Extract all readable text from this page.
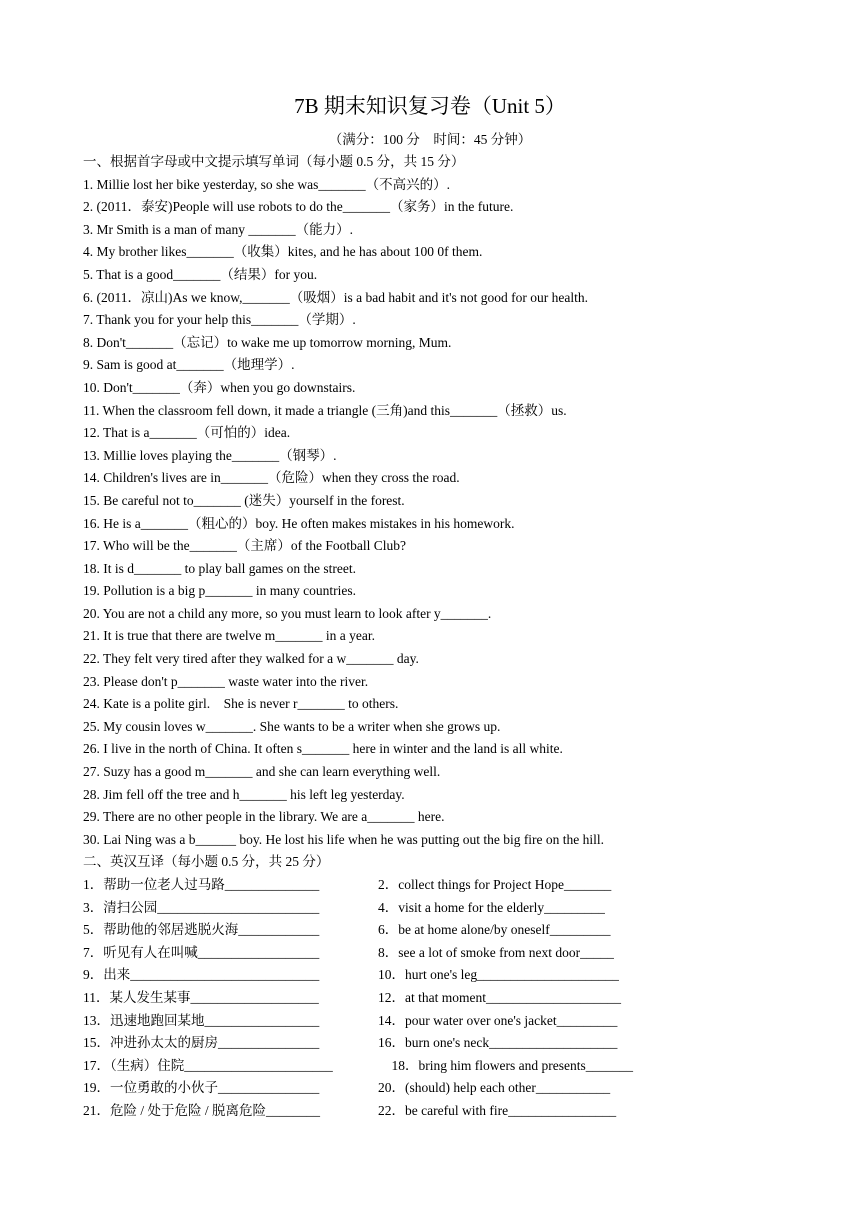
7B 期末知识复习卷（Unit 5）
（满分：100 分　时间：45 分钟）
一、根据首字母或中文提示填写单词（每小题 0.5 分，共 15 分）
1. Millie lost her bike yesterday, so she was_______（不高兴的）.
2. (2011．泰安)People will use robots to do the_______（家务）in the future.
3. Mr Smith is a man of many _______（能力）.
4. My brother likes_______（收集）kites, and he has about 100 0f them.
5. That is a good_______（结果）for you.
6. (2011．凉山)As we know,_______（吸烟）is a bad habit and it's not good for our health.
7. Thank you for your help this_______（学期）.
8. Don't_______（忘记）to wake me up tomorrow morning, Mum.
9. Sam is good at_______（地理学）.
10. Don't_______（奔）when you go downstairs.
11. When the classroom fell down, it made a triangle (三角)and this_______（拯救）us.
12. That is a_______（可怕的）idea.
13. Millie loves playing the_______（钢琴）.
14. Children's lives are in_______（危险）when they cross the road.
15. Be careful not to_______ (迷失）yourself in the forest.
16. He is a_______（粗心的）boy. He often makes mistakes in his homework.
17. Who will be the_______（主席）of the Football Club?
18. It is d_______ to play ball games on the street.
19. Pollution is a big p_______ in many countries.
20. You are not a child any more, so you must learn to look after y_______.
21. It is true that there are twelve m_______ in a year.
22. They felt very tired after they walked for a w_______ day.
23. Please don't p_______ waste water into the river.
24. Kate is a polite girl.　She is never r_______ to others.
25. My cousin loves w_______. She wants to be a writer when she grows up.
26. I live in the north of China. It often s_______ here in winter and the land is all white.
27. Suzy has a good m_______ and she can learn everything well.
28. Jim fell off the tree and h_______ his left leg yesterday.
29. There are no other people in the library. We are a_______ here.
30. Lai Ning was a b______ boy. He lost his life when he was putting out the big fire on the hill.
二、英汉互译（每小题 0.5 分，共 25 分）
1．帮助一位老人过马路______________	2．collect things for Project Hope_______
3．清扫公园________________________	4．visit a home for the elderly_________
5．帮助他的邻居逃脱火海____________	6．be at home alone/by oneself_________
7．听见有人在叫喊__________________	8．see a lot of smoke from next door_____
9．出来____________________________	10．hurt one's leg_____________________
11．某人发生某事___________________	12．at that moment____________________
13．迅速地跑回某地_________________	14．pour water over one's jacket_________
15．冲进孙太太的厨房_______________	16．burn one's neck___________________
17．（生病）住院______________________	　18．bring him flowers and presents_______
19．一位勇敢的小伙子_______________	20．(should) help each other___________
21．危险 / 处于危险 / 脱离危险________	22．be careful with fire________________
